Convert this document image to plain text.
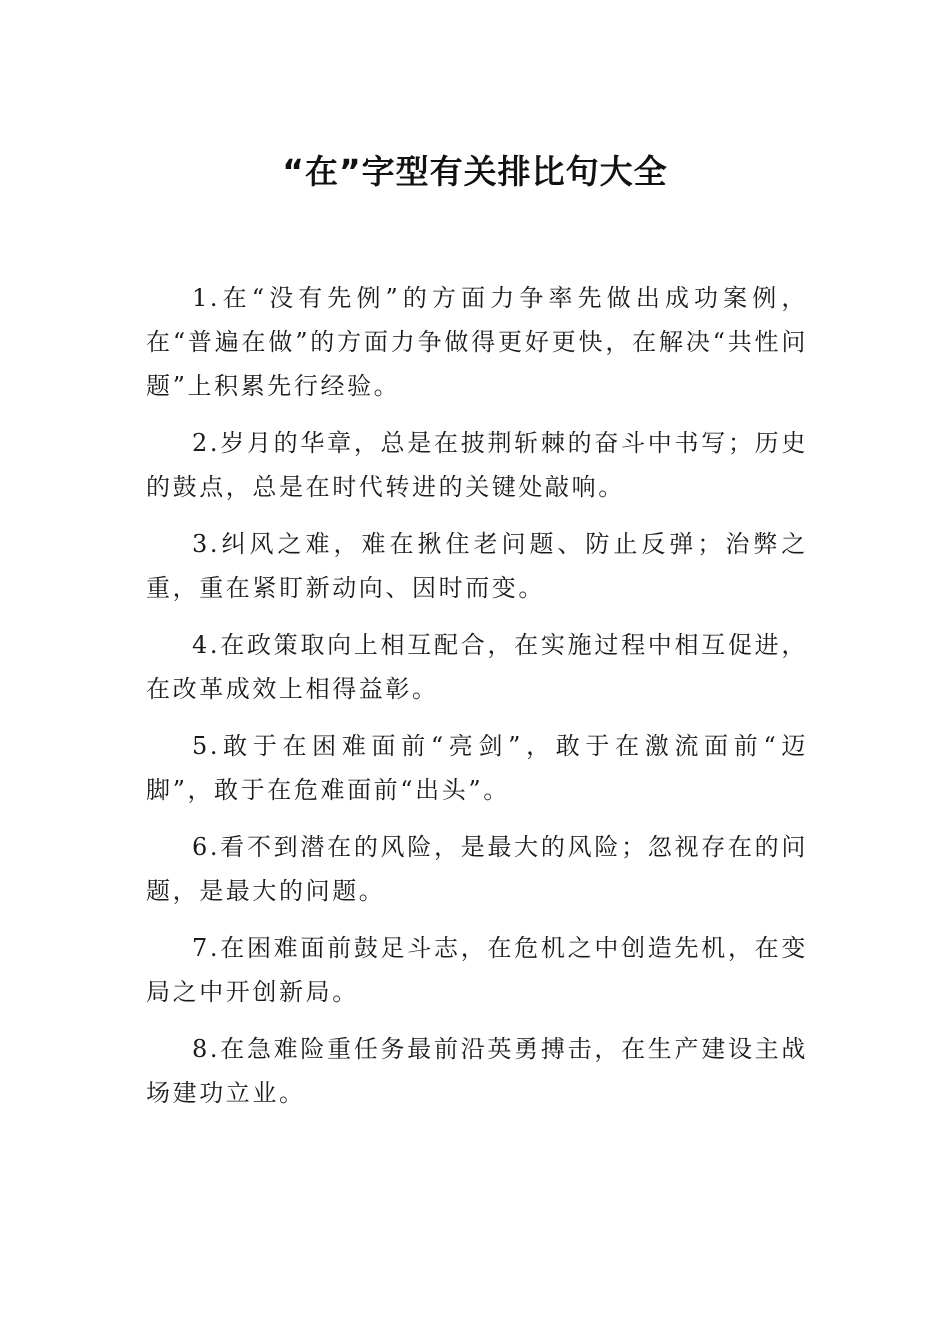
“在”字型有关排比句大全

1.在“没有先例”的方面力争率先做出成功案例，在“普遍在做”的方面力争做得更好更快，在解决“共性问题”上积累先行经验。

2.岁月的华章，总是在披荆斩棘的奋斗中书写；历史的鼓点，总是在时代转进的关键处敲响。

3.纠风之难，难在揪住老问题、防止反弹；治弊之重，重在紧盯新动向、因时而变。

4.在政策取向上相互配合，在实施过程中相互促进，在改革成效上相得益彰。

5.敢于在困难面前“亮剑”，敢于在激流面前“迈脚”，敢于在危难面前“出头”。

6.看不到潜在的风险，是最大的风险；忽视存在的问题，是最大的问题。

7.在困难面前鼓足斗志，在危机之中创造先机，在变局之中开创新局。

8.在急难险重任务最前沿英勇搏击，在生产建设主战场建功立业。
